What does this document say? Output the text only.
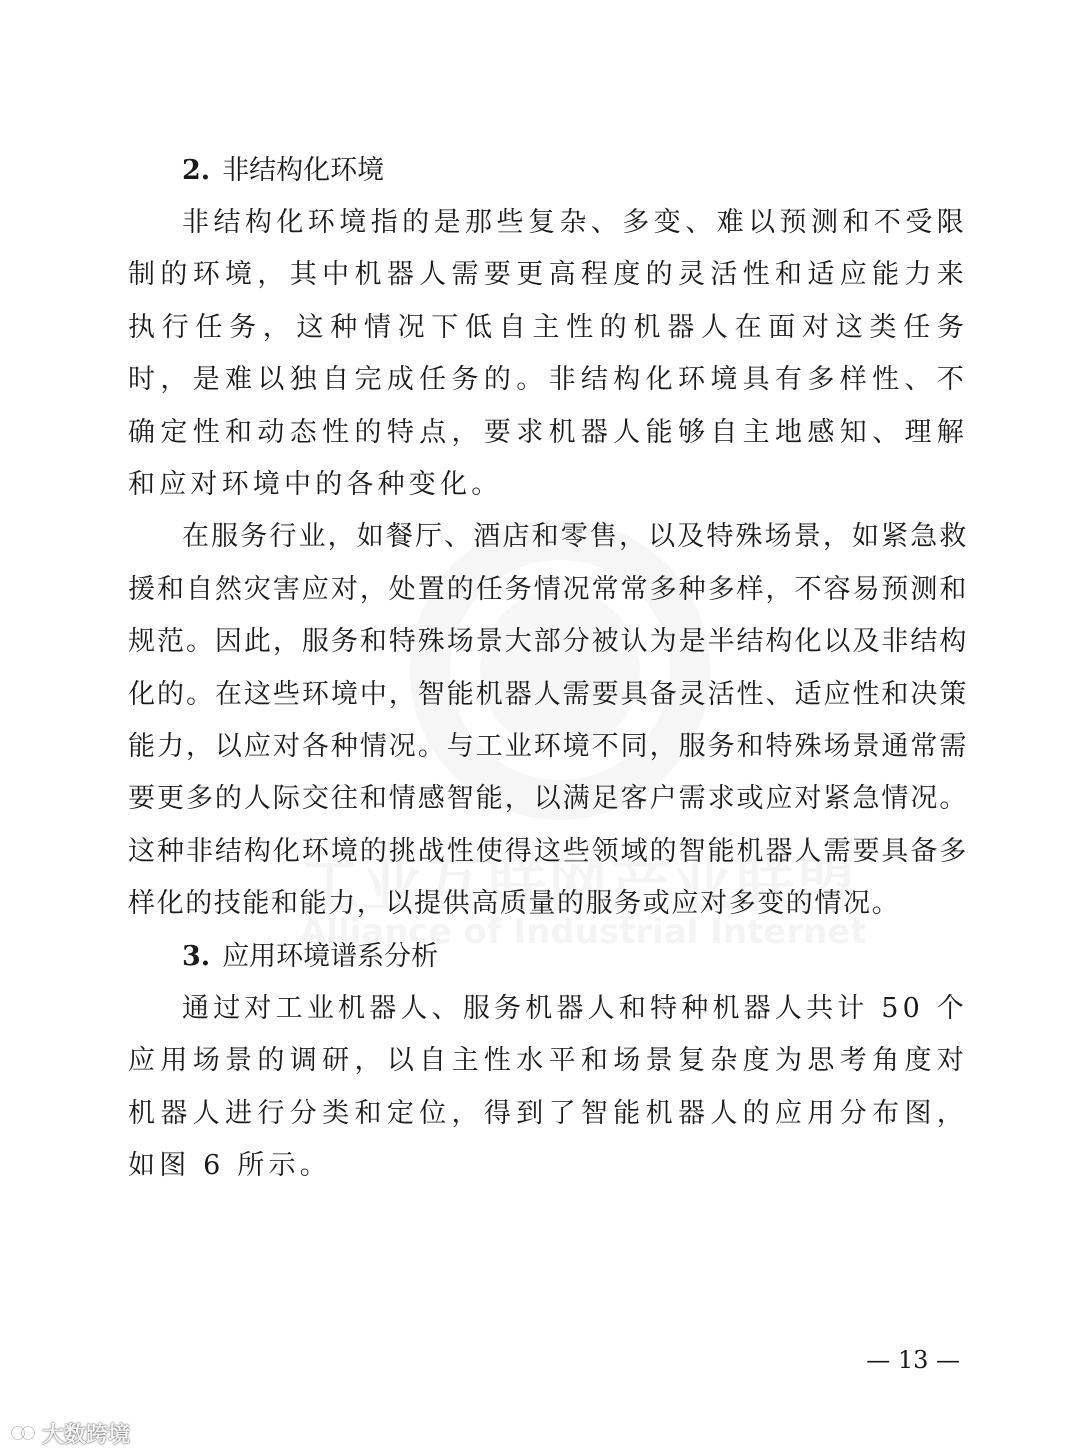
2. 非结构化环境

非结构化环境指的是那些复杂、多变、难以预测和不受限制的环境，其中机器人需要更高程度的灵活性和适应能力来执行任务，这种情况下低自主性的机器人在面对这类任务时，是难以独自完成任务的。非结构化环境具有多样性、不确定性和动态性的特点，要求机器人能够自主地感知、理解和应对环境中的各种变化。

在服务行业，如餐厅、酒店和零售，以及特殊场景，如紧急救援和自然灾害应对，处置的任务情况常常多种多样，不容易预测和规范。因此，服务和特殊场景大部分被认为是半结构化以及非结构化的。在这些环境中，智能机器人需要具备灵活性、适应性和决策能力，以应对各种情况。与工业环境不同，服务和特殊场景通常需要更多的人际交往和情感智能，以满足客户需求或应对紧急情况。这种非结构化环境的挑战性使得这些领域的智能机器人需要具备多样化的技能和能力，以提供高质量的服务或应对多变的情况。

3. 应用环境谱系分析

通过对工业机器人、服务机器人和特种机器人共计 50 个应用场景的调研，以自主性水平和场景复杂度为思考角度对机器人进行分类和定位，得到了智能机器人的应用分布图，如图 6 所示。

— 13 —
大数跨境
